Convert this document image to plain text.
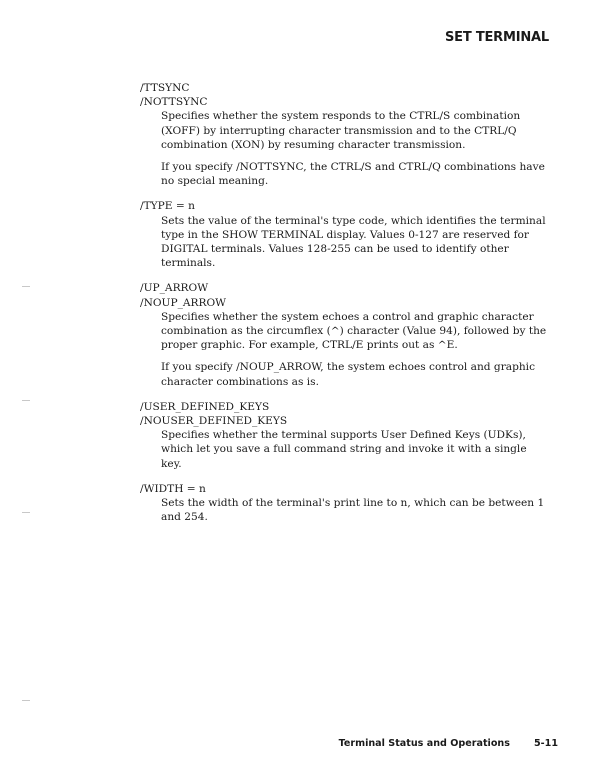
SET TERMINAL
/TTSYNC
/NOTTSYNC

Specifies whether the system responds to the CTRL/S combination (XOFF) by interrupting character transmission and to the CTRL/Q combination (XON) by resuming character transmission.

If you specify /NOTTSYNC, the CTRL/S and CTRL/Q combinations have no special meaning.

/TYPE = n

Sets the value of the terminal's type code, which identifies the terminal type in the SHOW TERMINAL display. Values 0-127 are reserved for DIGITAL terminals. Values 128-255 can be used to identify other terminals.

/UP_ARROW
/NOUP_ARROW

Specifies whether the system echoes a control and graphic character combination as the circumflex (^) character (Value 94), followed by the proper graphic. For example, CTRL/E prints out as ^E.

If you specify /NOUP_ARROW, the system echoes control and graphic character combinations as is.

/USER_DEFINED_KEYS
/NOUSER_DEFINED_KEYS

Specifies whether the terminal supports User Defined Keys (UDKs), which let you save a full command string and invoke it with a single key.

/WIDTH = n

Sets the width of the terminal's print line to n, which can be between 1 and 254.

Terminal Status and Operations	5-11
